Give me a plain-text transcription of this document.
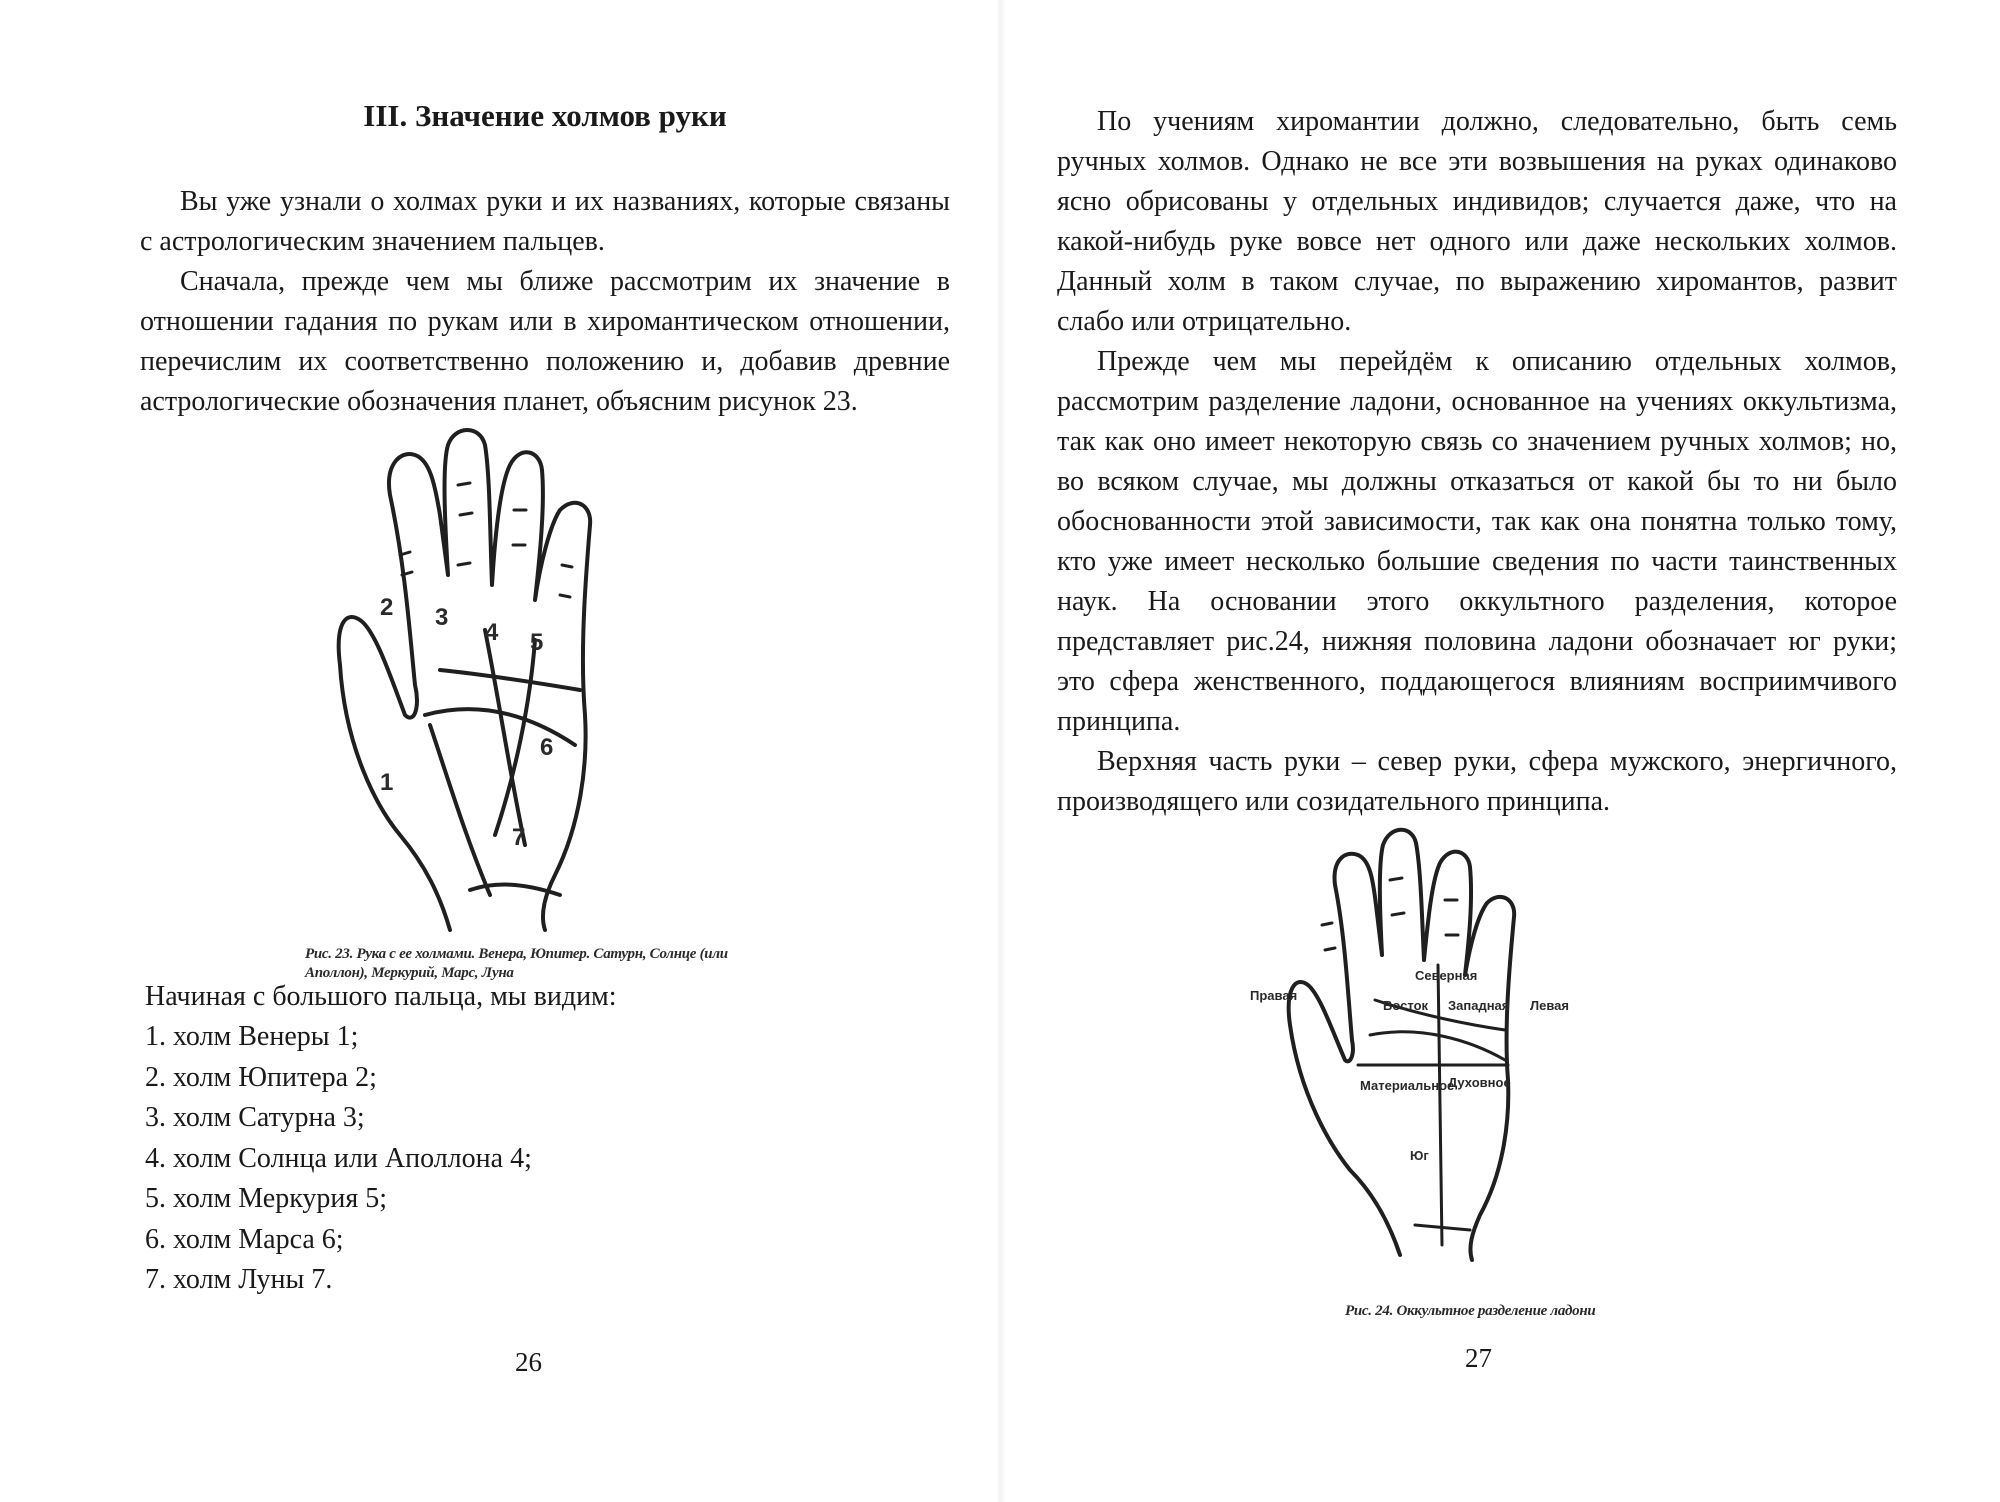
III. Значение холмов руки

Вы уже узнали о холмах руки и их названиях, которые связаны с астрологическим значением пальцев.

Сначала, прежде чем мы ближе рассмотрим их значение в отношении гадания по рукам или в хиромантическом отношении, перечислим их соответственно положению и, добавив древние астрологические обозначения планет, объясним рисунок 23.

2 3
4 5
6
1
7
Рис. 23. Рука с ее холмами. Венера, Юпитер. Сатурн, Солнце (или Аполлон), Меркурий, Марс, Луна
Начиная с большого пальца, мы видим:
1. холм Венеры 1;
2. холм Юпитера 2;
3. холм Сатурна 3;
4. холм Солнца или Аполлона 4;
5. холм Меркурия 5;
6. холм Марса 6;
7. холм Луны 7.
26

По учениям хиромантии должно, следовательно, быть семь ручных холмов. Однако не все эти возвышения на руках одинаково ясно обрисованы у отдельных индивидов; случается даже, что на какой-нибудь руке вовсе нет одного или даже нескольких холмов. Данный холм в таком случае, по выражению хиромантов, развит слабо или отрицательно.

Прежде чем мы перейдём к описанию отдельных холмов, рассмотрим разделение ладони, основанное на учениях оккультизма, так как оно имеет некоторую связь со значением ручных холмов; но, во всяком случае, мы должны отказаться от какой бы то ни было обоснованности этой зависимости, так как она понятна только тому, кто уже имеет несколько большие сведения по части таинственных наук. На основании этого оккультного разделения, которое представляет рис.24, нижняя половина ладони обозначает юг руки; это сфера женственного, поддающегося влияниям восприимчивого принципа.

Верхняя часть руки – север руки, сфера мужского, энергичного, производящего или созидательного принципа.

Правая
Левая
Северная
Восток Западная
Материальное
Духовное
Юг
Рис. 24. Оккультное разделение ладони
27
